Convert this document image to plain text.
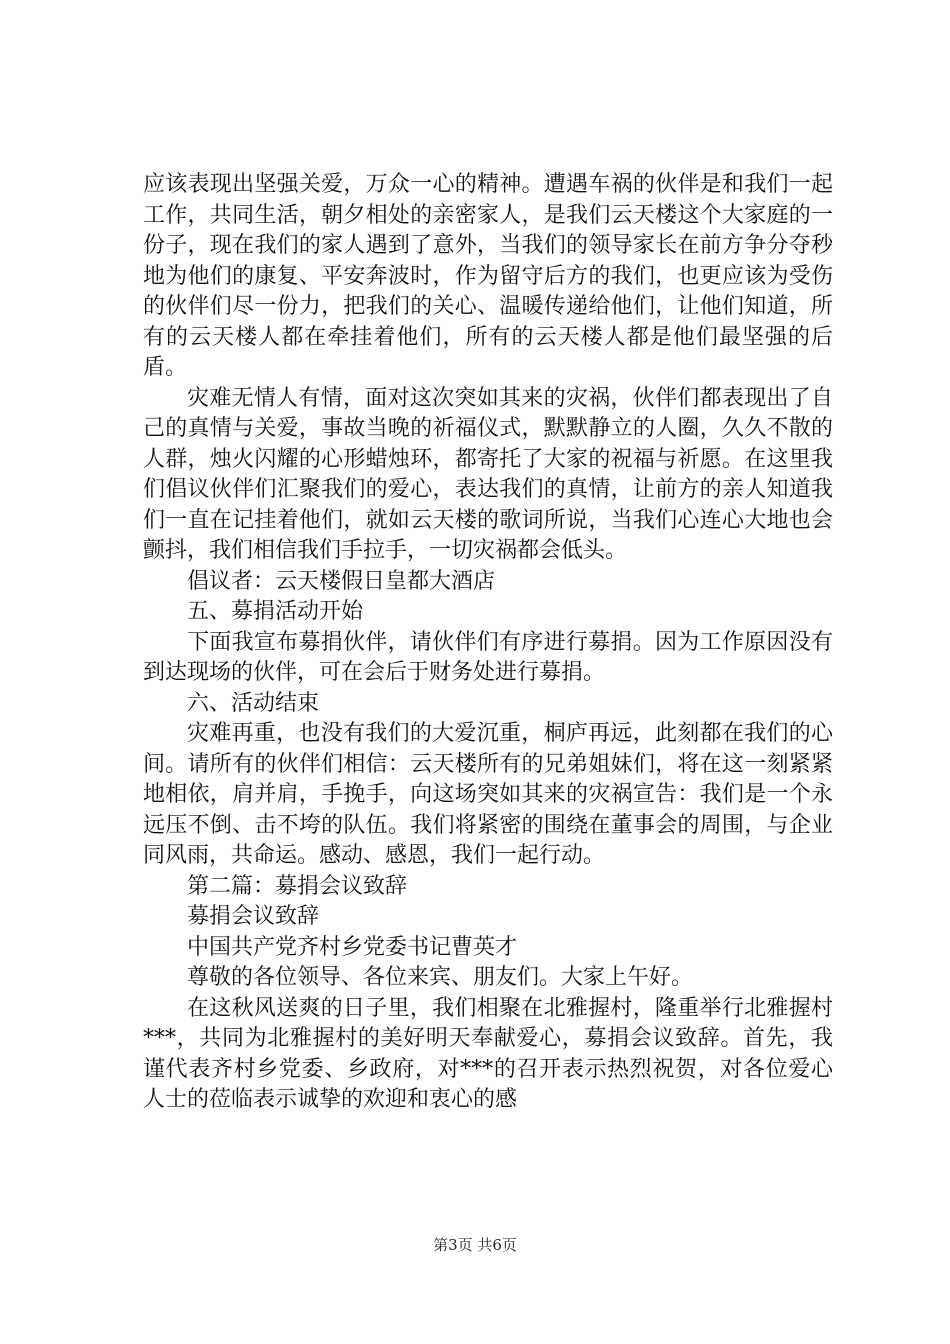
应该表现出坚强关爱，万众一心的精神。遭遇车祸的伙伴是和我们一起工作，共同生活，朝夕相处的亲密家人，是我们云天楼这个大家庭的一份子，现在我们的家人遇到了意外，当我们的领导家长在前方争分夺秒地为他们的康复、平安奔波时，作为留守后方的我们，也更应该为受伤的伙伴们尽一份力，把我们的关心、温暖传递给他们，让他们知道，所有的云天楼人都在牵挂着他们，所有的云天楼人都是他们最坚强的后盾。

灾难无情人有情，面对这次突如其来的灾祸，伙伴们都表现出了自己的真情与关爱，事故当晚的祈福仪式，默默静立的人圈，久久不散的人群，烛火闪耀的心形蜡烛环，都寄托了大家的祝福与祈愿。在这里我们倡议伙伴们汇聚我们的爱心，表达我们的真情，让前方的亲人知道我们一直在记挂着他们，就如云天楼的歌词所说，当我们心连心大地也会颤抖，我们相信我们手拉手，一切灾祸都会低头。

倡议者：云天楼假日皇都大酒店

五、募捐活动开始

下面我宣布募捐伙伴，请伙伴们有序进行募捐。因为工作原因没有到达现场的伙伴，可在会后于财务处进行募捐。

六、活动结束

灾难再重，也没有我们的大爱沉重，桐庐再远，此刻都在我们的心间。请所有的伙伴们相信：云天楼所有的兄弟姐妹们，将在这一刻紧紧地相依，肩并肩，手挽手，向这场突如其来的灾祸宣告：我们是一个永远压不倒、击不垮的队伍。我们将紧密的围绕在董事会的周围，与企业同风雨，共命运。感动、感恩，我们一起行动。

第二篇：募捐会议致辞

募捐会议致辞

中国共产党齐村乡党委书记曹英才

尊敬的各位领导、各位来宾、朋友们。大家上午好。

在这秋风送爽的日子里，我们相聚在北雅握村，隆重举行北雅握村***，共同为北雅握村的美好明天奉献爱心，募捐会议致辞。首先，我谨代表齐村乡党委、乡政府，对***的召开表示热烈祝贺，对各位爱心人士的莅临表示诚挚的欢迎和衷心的感

第3页 共6页
